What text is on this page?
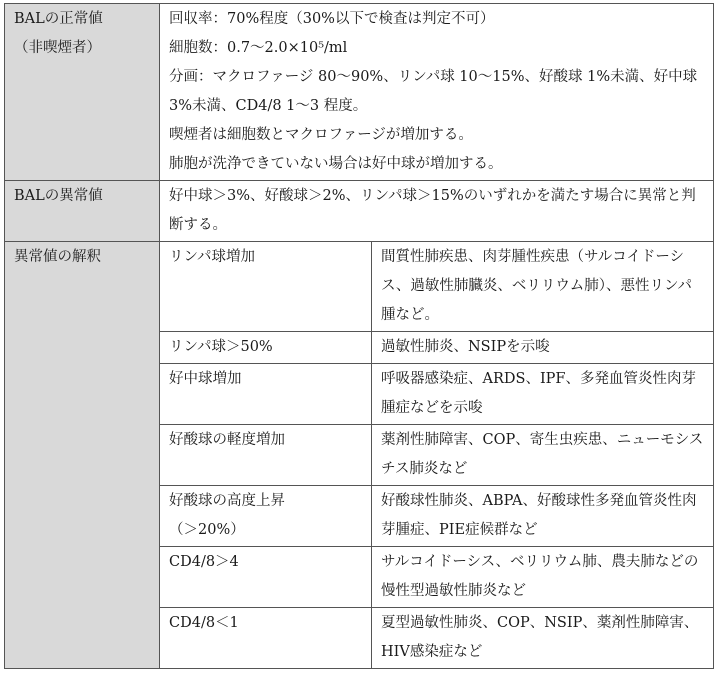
BALの正常値
（非喫煙者）	回収率：70%程度（30%以下で検査は判定不可）
細胞数：0.7〜2.0×10⁵/ml
分画：マクロファージ 80〜90%、リンパ球 10〜15%、好酸球 1%未満、好中球 3%未満、CD4/8 1〜3 程度。
喫煙者は細胞数とマクロファージが増加する。
肺胞が洗浄できていない場合は好中球が増加する。	

BALの異常値	好中球＞3%、好酸球＞2%、リンパ球＞15%のいずれかを満たす場合に異常と判断する。	
異常値の解釈	リンパ球増加	間質性肺疾患、肉芽腫性疾患（サルコイドーシス、過敏性肺臓炎、ベリリウム肺）、悪性リンパ腫など。
	リンパ球＞50%	過敏性肺炎、NSIPを示唆
	好中球増加	呼吸器感染症、ARDS、IPF、多発血管炎性肉芽腫症などを示唆
	好酸球の軽度増加	薬剤性肺障害、COP、寄生虫疾患、ニューモシスチス肺炎など

	好酸球の高度上昇
（＞20%）	好酸球性肺炎、ABPA、好酸球性多発血管炎性肉芽腫症、PIE症候群など
	CD4/8＞4	サルコイドーシス、ベリリウム肺、農夫肺などの慢性型過敏性肺炎など
	CD4/8＜1	夏型過敏性肺炎、COP、NSIP、薬剤性肺障害、HIV感染症など
